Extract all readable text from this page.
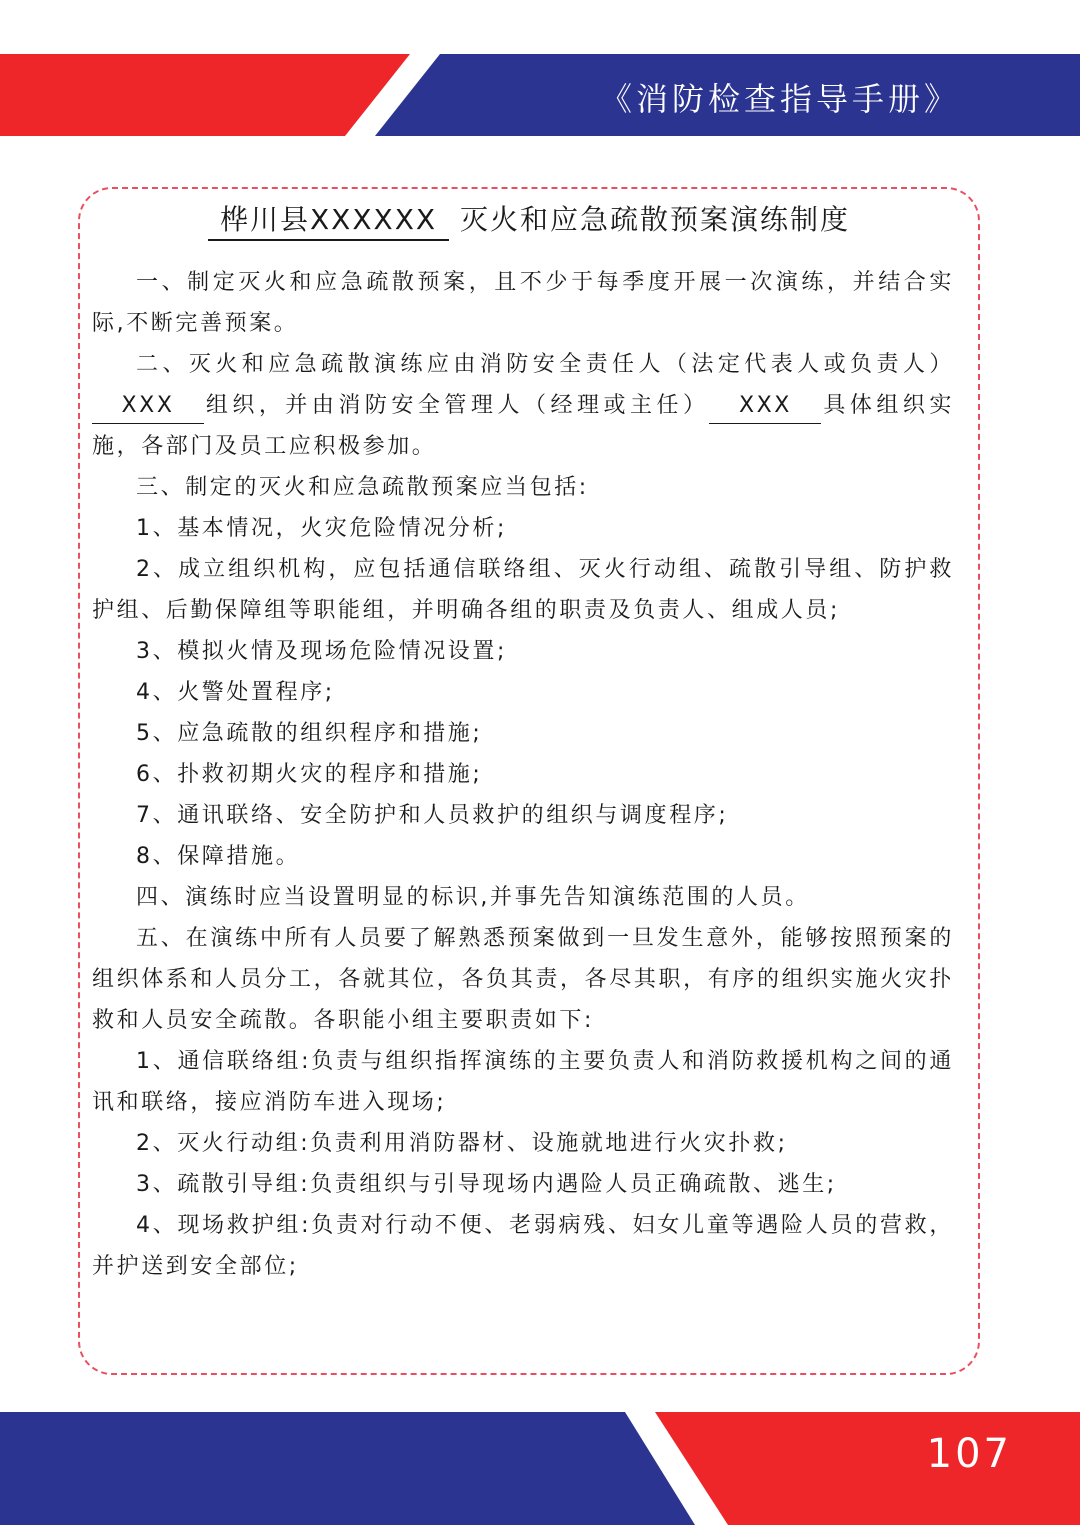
《消防检查指导手册》
桦川县XXXXXX 灭火和应急疏散预案演练制度

一、制定灭火和应急疏散预案，且不少于每季度开展一次演练，并结合实际,不断完善预案。

二、灭火和应急疏散演练应由消防安全责任人（法定代表人或负责人）XXX 组织，并由消防安全管理人（经理或主任） XXX 具体组织实施，各部门及员工应积极参加。

三、制定的灭火和应急疏散预案应当包括:

1、基本情况，火灾危险情况分析;

2、成立组织机构，应包括通信联络组、灭火行动组、疏散引导组、防护救护组、后勤保障组等职能组，并明确各组的职责及负责人、组成人员;

3、模拟火情及现场危险情况设置;

4、火警处置程序;

5、应急疏散的组织程序和措施;

6、扑救初期火灾的程序和措施;

7、通讯联络、安全防护和人员救护的组织与调度程序;

8、保障措施。

四、演练时应当设置明显的标识,并事先告知演练范围的人员。

五、在演练中所有人员要了解熟悉预案做到一旦发生意外，能够按照预案的组织体系和人员分工，各就其位，各负其责，各尽其职，有序的组织实施火灾扑救和人员安全疏散。各职能小组主要职责如下:

1、通信联络组:负责与组织指挥演练的主要负责人和消防救援机构之间的通讯和联络，接应消防车进入现场;

2、灭火行动组:负责利用消防器材、设施就地进行火灾扑救;

3、疏散引导组:负责组织与引导现场内遇险人员正确疏散、逃生;

4、现场救护组:负责对行动不便、老弱病残、妇女儿童等遇险人员的营救，并护送到安全部位;
